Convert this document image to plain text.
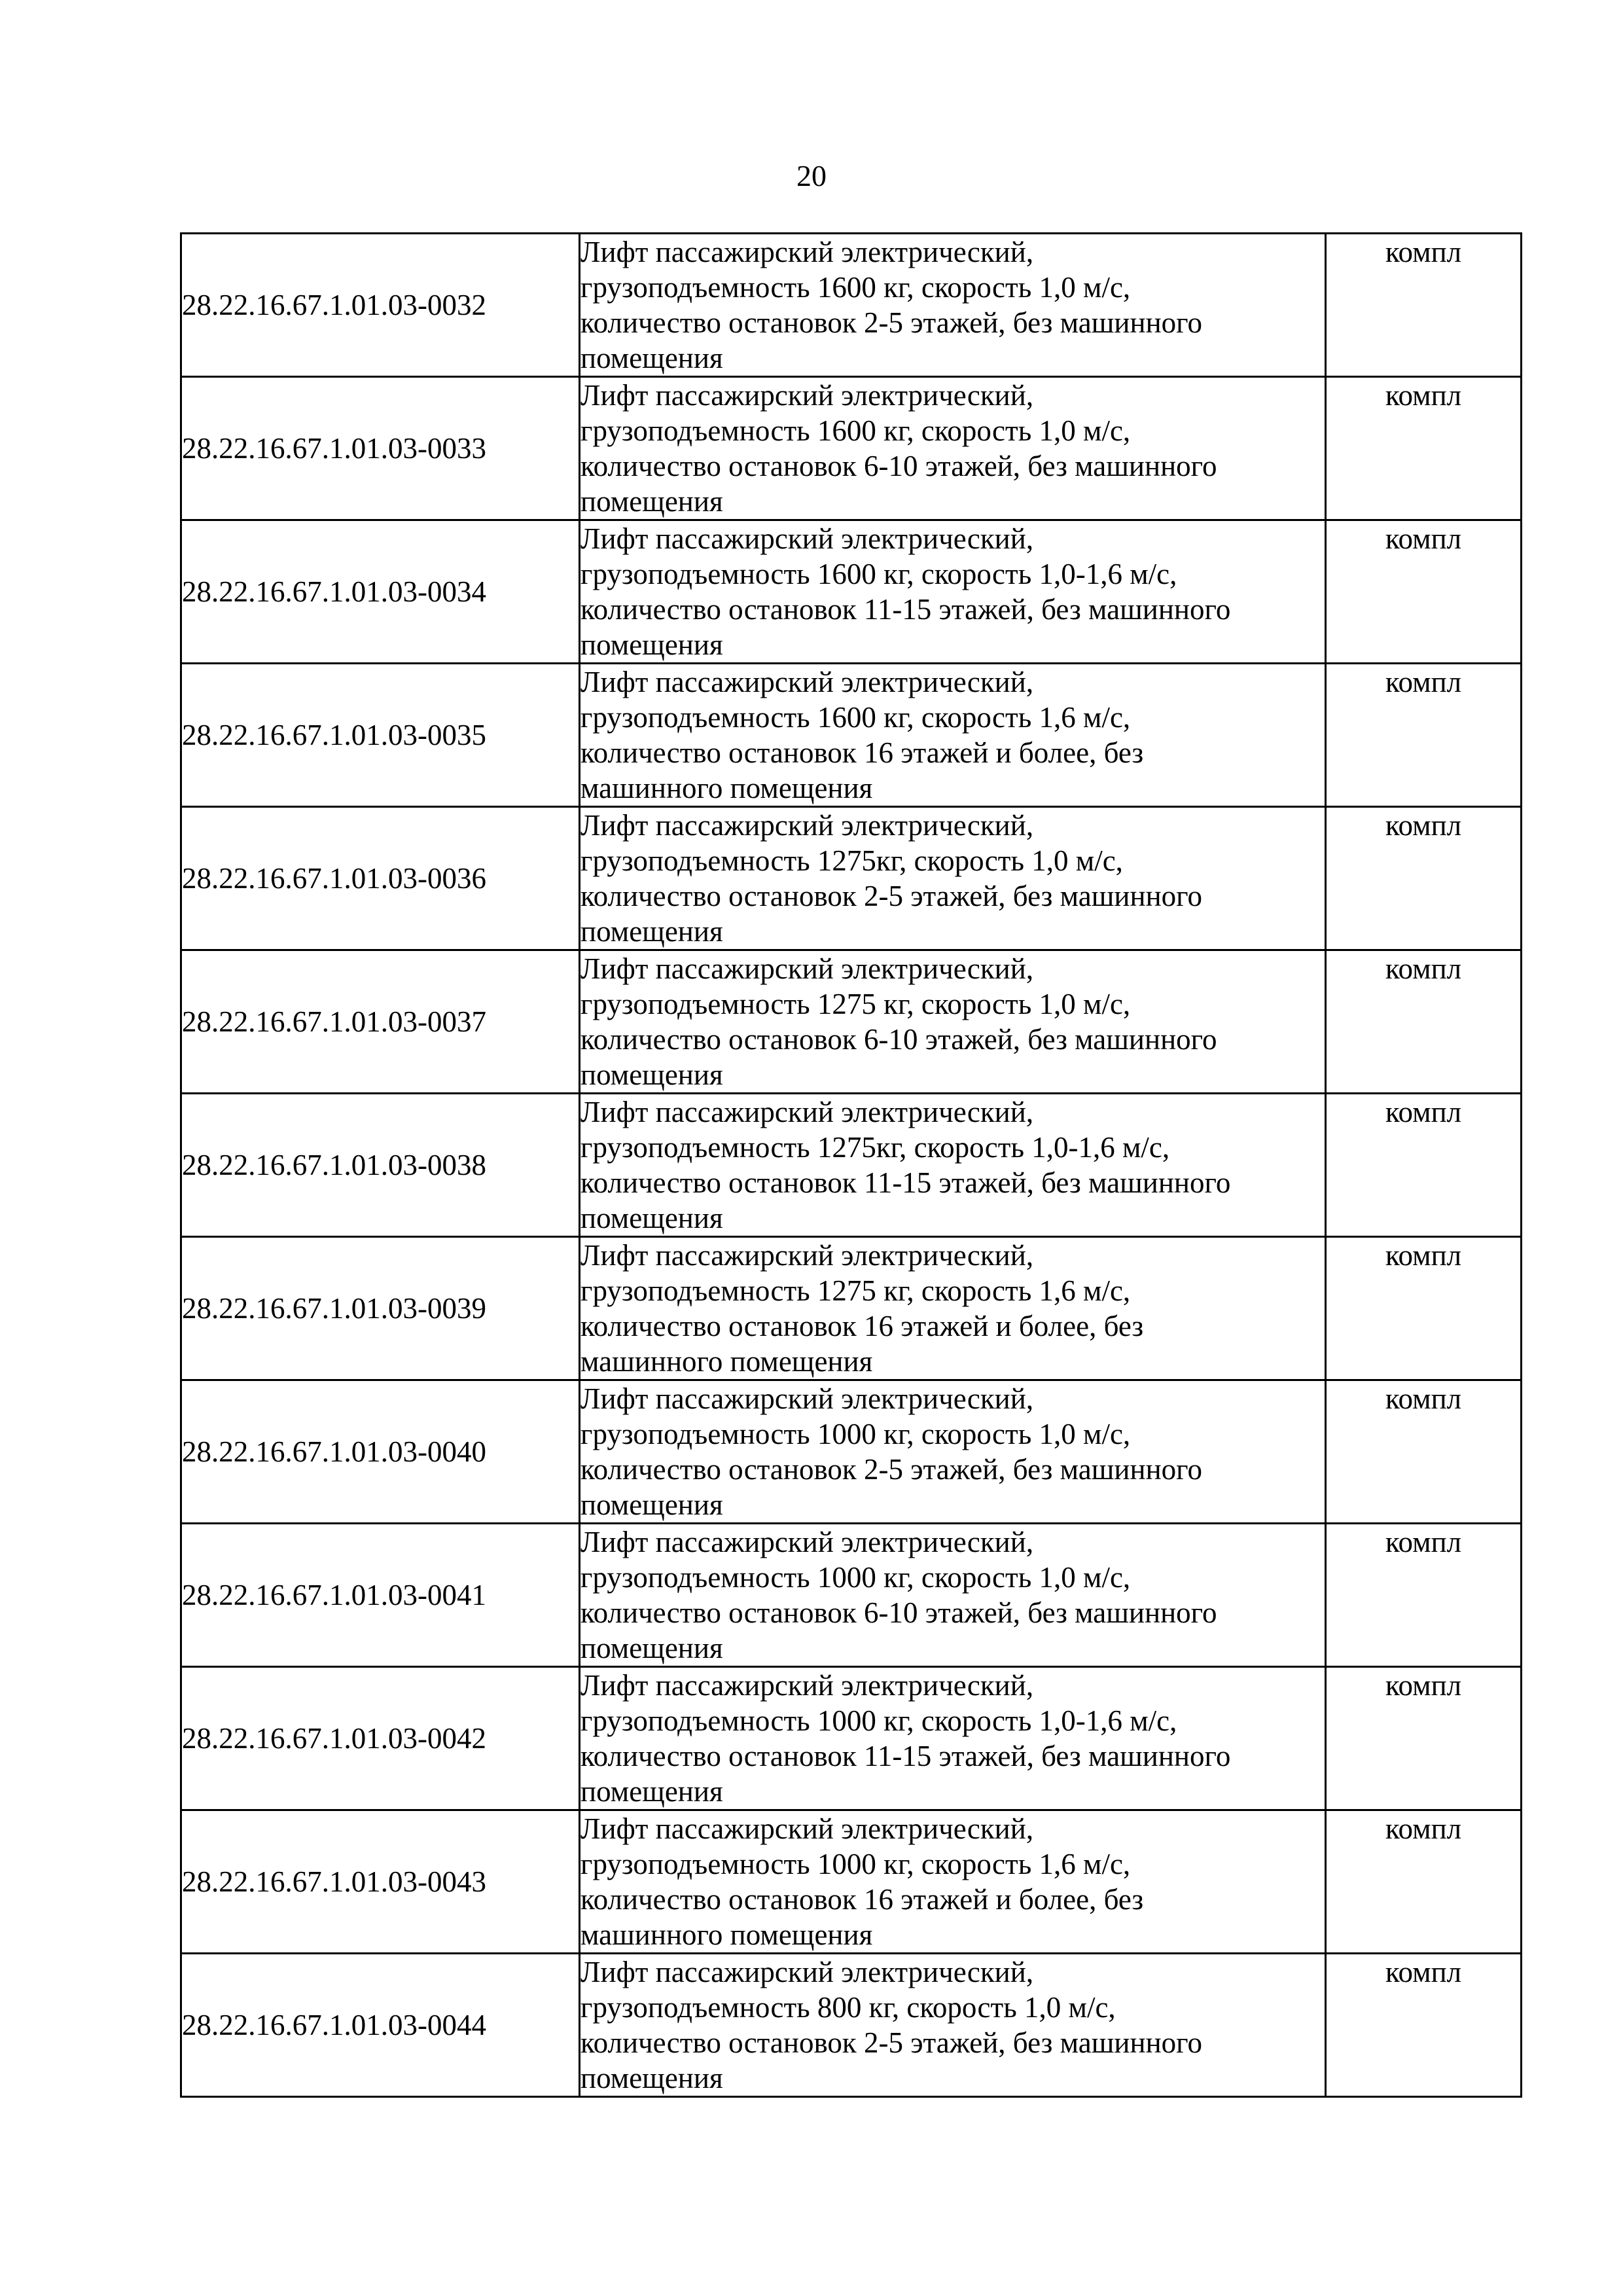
20
28.22.16.67.1.01.03-0032	Лифт пассажирский электрический,
грузоподъемность 1600 кг, скорость 1,0 м/с,
количество остановок 2-5 этажей, без машинного
помещения	компл
28.22.16.67.1.01.03-0033	Лифт пассажирский электрический,
грузоподъемность 1600 кг, скорость 1,0 м/с,
количество остановок 6-10 этажей, без машинного
помещения	компл
28.22.16.67.1.01.03-0034	Лифт пассажирский электрический,
грузоподъемность 1600 кг, скорость 1,0-1,6 м/с,
количество остановок 11-15 этажей, без машинного
помещения	компл
28.22.16.67.1.01.03-0035	Лифт пассажирский электрический,
грузоподъемность 1600 кг, скорость 1,6 м/с,
количество остановок 16 этажей и более, без
машинного помещения	компл
28.22.16.67.1.01.03-0036	Лифт пассажирский электрический,
грузоподъемность 1275кг, скорость 1,0 м/с,
количество остановок 2-5 этажей, без машинного
помещения	компл
28.22.16.67.1.01.03-0037	Лифт пассажирский электрический,
грузоподъемность 1275 кг, скорость 1,0 м/с,
количество остановок 6-10 этажей, без машинного
помещения	компл
28.22.16.67.1.01.03-0038	Лифт пассажирский электрический,
грузоподъемность 1275кг, скорость 1,0-1,6 м/с,
количество остановок 11-15 этажей, без машинного
помещения	компл
28.22.16.67.1.01.03-0039	Лифт пассажирский электрический,
грузоподъемность 1275 кг, скорость 1,6 м/с,
количество остановок 16 этажей и более, без
машинного помещения	компл
28.22.16.67.1.01.03-0040	Лифт пассажирский электрический,
грузоподъемность 1000 кг, скорость 1,0 м/с,
количество остановок 2-5 этажей, без машинного
помещения	компл
28.22.16.67.1.01.03-0041	Лифт пассажирский электрический,
грузоподъемность 1000 кг, скорость 1,0 м/с,
количество остановок 6-10 этажей, без машинного
помещения	компл
28.22.16.67.1.01.03-0042	Лифт пассажирский электрический,
грузоподъемность 1000 кг, скорость 1,0-1,6 м/с,
количество остановок 11-15 этажей, без машинного
помещения	компл
28.22.16.67.1.01.03-0043	Лифт пассажирский электрический,
грузоподъемность 1000 кг, скорость 1,6 м/с,
количество остановок 16 этажей и более, без
машинного помещения	компл
28.22.16.67.1.01.03-0044	Лифт пассажирский электрический,
грузоподъемность 800 кг, скорость 1,0 м/с,
количество остановок 2-5 этажей, без машинного
помещения	компл
